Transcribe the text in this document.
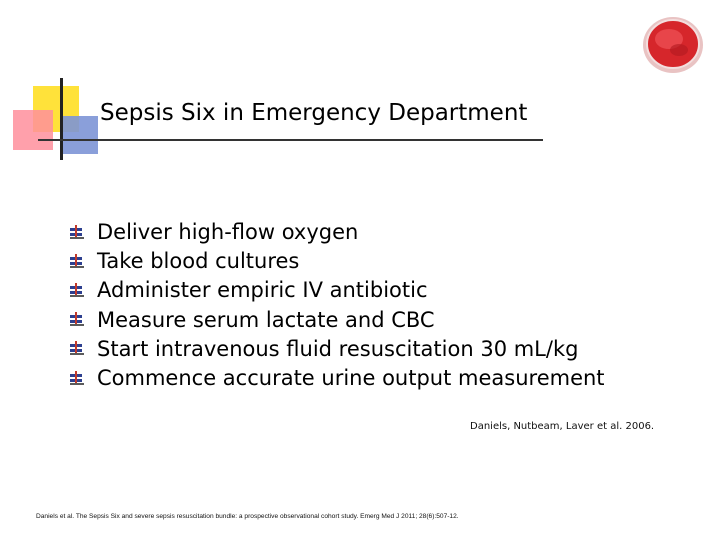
Sepsis Six in Emergency Department
Deliver high-flow oxygen
Take blood cultures
Administer empiric IV antibiotic
Measure serum lactate and CBC
Start intravenous fluid resuscitation 30 mL/kg
Commence accurate urine output measurement
Daniels, Nutbeam, Laver et al. 2006.
Daniels et al. The Sepsis Six and severe sepsis resuscitation bundle: a prospective observational cohort study. Emerg Med J 2011; 28(6):507-12.
